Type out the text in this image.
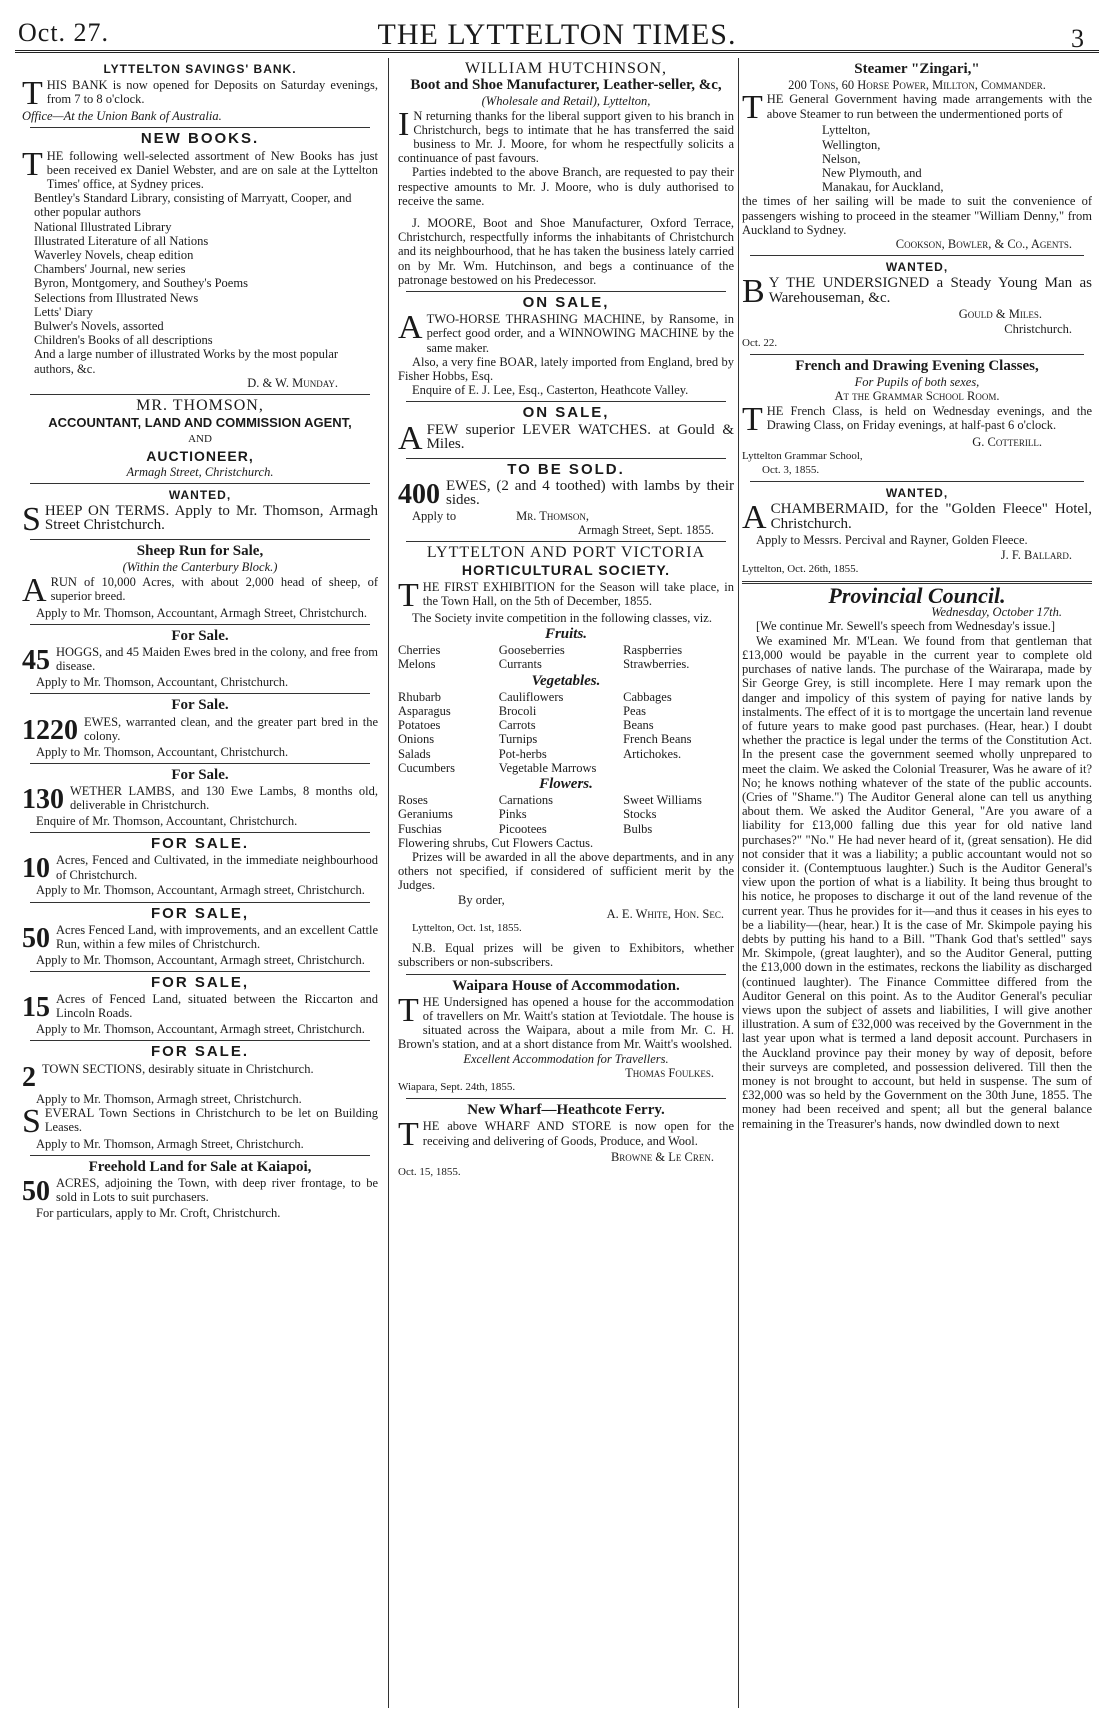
Oct. 27.	THE LYTTELTON TIMES.	3
LYTTELTON SAVINGS' BANK.
THIS BANK is now opened for Deposits on Saturday evenings, from 7 to 8 o'clock.
Office—At the Union Bank of Australia.
NEW BOOKS.
THE following well-selected assortment of New Books has just been received ex Daniel Webster, and are on sale at the Lyttelton Times' office, at Sydney prices.
Bentley's Standard Library, consisting of Marryatt, Cooper, and other popular authors
National Illustrated Library
Illustrated Literature of all Nations
Waverley Novels, cheap edition
Chambers' Journal, new series
Byron, Montgomery, and Southey's Poems
Selections from Illustrated News
Letts' Diary
Bulwer's Novels, assorted
Children's Books of all descriptions
And a large number of illustrated Works by the most popular authors, &c.
D. & W. Munday.
MR. THOMSON,
ACCOUNTANT, LAND AND COMMISSION AGENT,
AND
AUCTIONEER,
Armagh Street, Christchurch.
WANTED,
SHEEP ON TERMS. Apply to Mr. Thomson, Armagh Street Christchurch.
Sheep Run for Sale,
(Within the Canterbury Block.)
ARUN of 10,000 Acres, with about 2,000 head of sheep, of superior breed.
Apply to Mr. Thomson, Accountant, Armagh Street, Christchurch.
For Sale.
45 HOGGS, and 45 Maiden Ewes bred in the colony, and free from disease.
Apply to Mr. Thomson, Accountant, Christchurch.
For Sale.
1220 EWES, warranted clean, and the greater part bred in the colony.
Apply to Mr. Thomson, Accountant, Christchurch.
For Sale.
130 WETHER LAMBS, and 130 Ewe Lambs, 8 months old, deliverable in Christchurch.
Enquire of Mr. Thomson, Accountant, Christchurch.
FOR SALE.
10 Acres, Fenced and Cultivated, in the immediate neighbourhood of Christchurch.
Apply to Mr. Thomson, Accountant, Armagh street, Christchurch.
FOR SALE,
50 Acres Fenced Land, with improvements, and an excellent Cattle Run, within a few miles of Christchurch.
Apply to Mr. Thomson, Accountant, Armagh street, Christchurch.
FOR SALE,
15 Acres of Fenced Land, situated between the Riccarton and Lincoln Roads.
Apply to Mr. Thomson, Accountant, Armagh street, Christchurch.
FOR SALE.
2 TOWN SECTIONS, desirably situate in Christchurch.
Apply to Mr. Thomson, Armagh street, Christchurch.
SEVERAL Town Sections in Christchurch to be let on Building Leases.
Apply to Mr. Thomson, Armagh Street, Christchurch.
Freehold Land for Sale at Kaiapoi,
50 ACRES, adjoining the Town, with deep river frontage, to be sold in Lots to suit purchasers.
For particulars, apply to Mr. Croft, Christchurch.
WILLIAM HUTCHINSON,
Boot and Shoe Manufacturer, Leather-seller, &c,
(Wholesale and Retail), Lyttelton,
I N returning thanks for the liberal support given to his branch in Christchurch, begs to intimate that he has transferred the said business to Mr. J. Moore, for whom he respectfully solicits a continuance of past favours.
Parties indebted to the above Branch, are requested to pay their respective amounts to Mr. J. Moore, who is duly authorised to receive the same.
J. MOORE, Boot and Shoe Manufacturer, Oxford Terrace, Christchurch, respectfully informs the inhabitants of Christchurch and its neighbourhood, that he has taken the business lately carried on by Mr. Wm. Hutchinson, and begs a continuance of the patronage bestowed on his Predecessor.
ON SALE,
ATWO-HORSE THRASHING MACHINE, by Ransome, in perfect good order, and a WINNOWING MACHINE by the same maker.
Also, a very fine BOAR, lately imported from England, bred by Fisher Hobbs, Esq.
Enquire of E. J. Lee, Esq., Casterton, Heathcote Valley.
ON SALE,
AFEW superior LEVER WATCHES. at Gould & Miles.
TO BE SOLD.
400 EWES, (2 and 4 toothed) with lambs by their sides.
Apply to	Mr. Thomson,
Armagh Street, Sept. 1855.
LYTTELTON AND PORT VICTORIA
HORTICULTURAL SOCIETY.
THE FIRST EXHIBITION for the Season will take place, in the Town Hall, on the 5th of December, 1855.
The Society invite competition in the following classes, viz.
Fruits.
Cherries	Gooseberries	Raspberries
Melons	Currants	Strawberries.
Vegetables.
Rhubarb	Cauliflowers	Cabbages
Asparagus	Brocoli	Peas
Potatoes	Carrots	Beans
Onions	Turnips	French Beans
Salads	Pot-herbs	Artichokes.
Cucumbers	Vegetable Marrows	
Flowers.
Roses	Carnations	Sweet Williams
Geraniums	Pinks	Stocks
Fuschias	Picootees	Bulbs
Flowering shrubs, Cut Flowers Cactus.
Prizes will be awarded in all the above departments, and in any others not specified, if considered of sufficient merit by the Judges.
By order,
A. E. White, Hon. Sec.
Lyttelton, Oct. 1st, 1855.
N.B. Equal prizes will be given to Exhibitors, whether subscribers or non-subscribers.
Waipara House of Accommodation.
THE Undersigned has opened a house for the accommodation of travellers on Mr. Waitt's station at Teviotdale. The house is situated across the Waipara, about a mile from Mr. C. H. Brown's station, and at a short distance from Mr. Waitt's woolshed.
Excellent Accommodation for Travellers.
Thomas Foulkes.
Wiapara, Sept. 24th, 1855.
New Wharf—Heathcote Ferry.
THE above WHARF AND STORE is now open for the receiving and delivering of Goods, Produce, and Wool.
Browne & Le Cren.
Oct. 15, 1855.
Steamer "Zingari,"
200 Tons, 60 Horse Power, Millton, Commander.
THE General Government having made arrangements with the above Steamer to run between the undermentioned ports of
Lyttelton,
Wellington,
Nelson,
New Plymouth, and
Manakau, for Auckland,
the times of her sailing will be made to suit the convenience of passengers wishing to proceed in the steamer "William Denny," from Auckland to Sydney.
Cookson, Bowler, & Co., Agents.
WANTED,
B Y THE UNDERSIGNED a Steady Young Man as Warehouseman, &c.
Gould & Miles.
Christchurch.
Oct. 22.
French and Drawing Evening Classes,
For Pupils of both sexes,
At the Grammar School Room.
THE French Class, is held on Wednesday evenings, and the Drawing Class, on Friday evenings, at half-past 6 o'clock.
G. Cotterill.
Lyttelton Grammar School,
Oct. 3, 1855.
WANTED,
ACHAMBERMAID, for the "Golden Fleece" Hotel, Christchurch.
Apply to Messrs. Percival and Rayner, Golden Fleece.
J. F. Ballard.
Lyttelton, Oct. 26th, 1855.
Provincial Council.
Wednesday, October 17th.
[We continue Mr. Sewell's speech from Wednesday's issue.]
We examined Mr. M'Lean. We found from that gentleman that £13,000 would be payable in the current year to complete old purchases of native lands. The purchase of the Wairarapa, made by Sir George Grey, is still incomplete. Here I may remark upon the danger and impolicy of this system of paying for native lands by instalments. The effect of it is to mortgage the uncertain land revenue of future years to make good past purchases. (Hear, hear.) I doubt whether the practice is legal under the terms of the Constitution Act. In the present case the government seemed wholly unprepared to meet the claim. We asked the Colonial Treasurer, Was he aware of it? No; he knows nothing whatever of the state of the public accounts. (Cries of "Shame.") The Auditor General alone can tell us anything about them. We asked the Auditor General, "Are you aware of a liability for £13,000 falling due this year for old native land purchases?" "No." He had never heard of it, (great sensation). He did not consider that it was a liability; a public accountant would not so consider it. (Contemptuous laughter.) Such is the Auditor General's view upon the portion of what is a liability. It being thus brought to his notice, he proposes to discharge it out of the land revenue of the current year. Thus he provides for it—and thus it ceases in his eyes to be a liability—(hear, hear.) It is the case of Mr. Skimpole paying his debts by putting his hand to a Bill. "Thank God that's settled" says Mr. Skimpole, (great laughter), and so the Auditor General, putting the £13,000 down in the estimates, reckons the liability as discharged (continued laughter). The Finance Committee differed from the Auditor General on this point. As to the Auditor General's peculiar views upon the subject of assets and liabilities, I will give another illustration. A sum of £32,000 was received by the Government in the last year upon what is termed a land deposit account. Purchasers in the Auckland province pay their money by way of deposit, before their surveys are completed, and possession delivered. Till then the money is not brought to account, but held in suspense. The sum of £32,000 was so held by the Government on the 30th June, 1855. The money had been received and spent; all but the general balance remaining in the Treasurer's hands, now dwindled down to next
